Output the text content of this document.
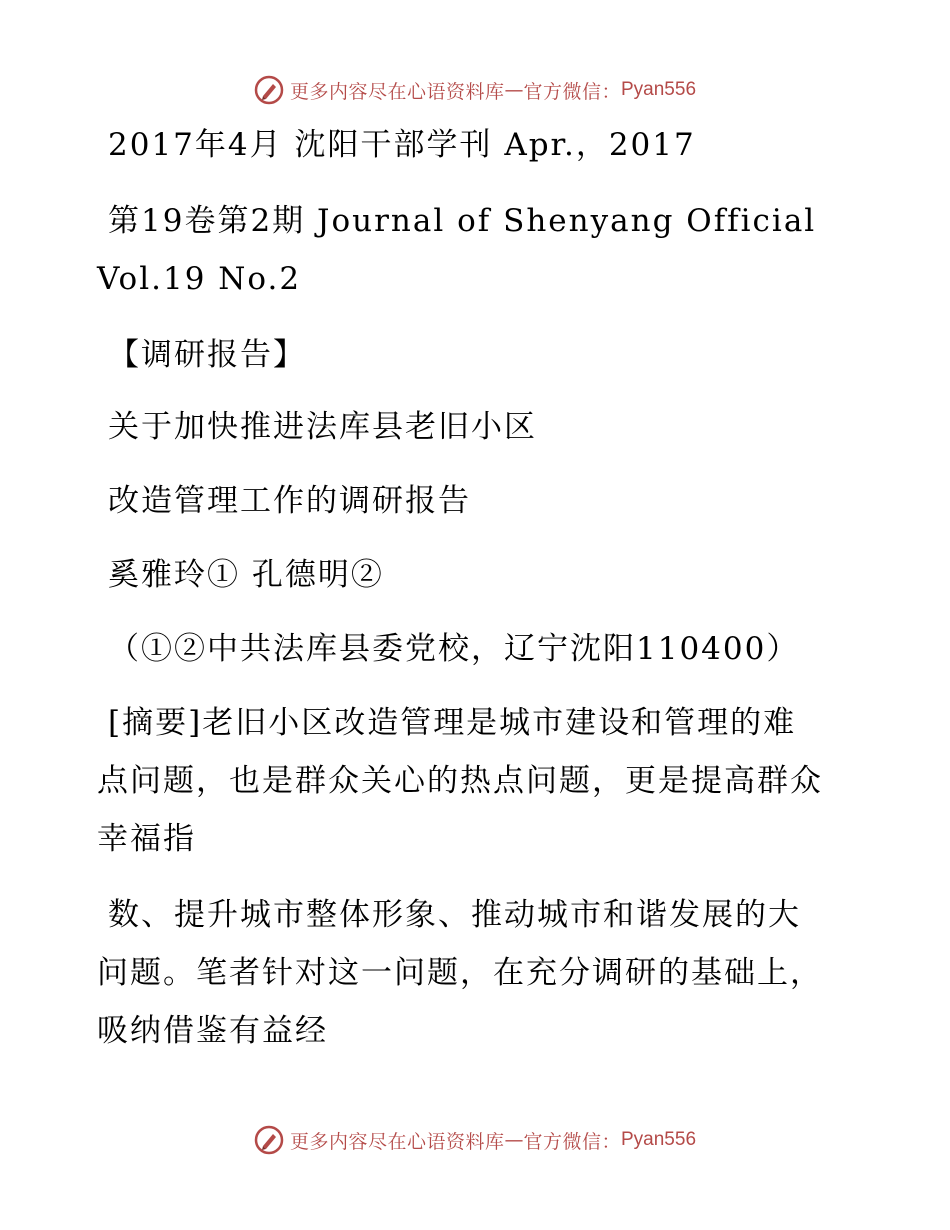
更多内容尽在心语资料库 — 官方微信： Pyan556
2017年4月 沈阳干部学刊 Apr.，2017
第19卷第2期 Journal of Shenyang Official
Vol.19 No.2
【调研报告】
关于加快推进法库县老旧小区
改造管理工作的调研报告
奚雅玲① 孔德明②
（①②中共法库县委党校，辽宁沈阳110400）
[摘要]老旧小区改造管理是城市建设和管理的难
点问题，也是群众关心的热点问题，更是提高群众
幸福指
数、提升城市整体形象、推动城市和谐发展的大
问题。笔者针对这一问题，在充分调研的基础上，
吸纳借鉴有益经
更多内容尽在心语资料库 — 官方微信： Pyan556
